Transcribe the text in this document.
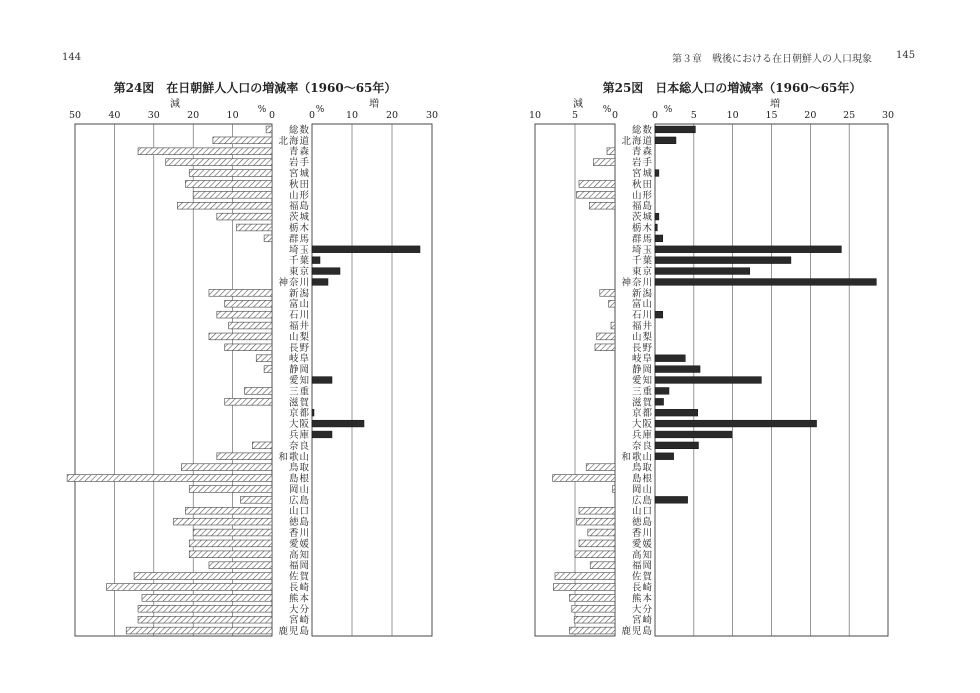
144	第３章　戦後における在日朝鮮人の人口現象 145
第24図　在日朝鮮人人口の増減率（1960〜65年）
減	増
%	%
50	40	30	20	10	0	0	10	20	30
総数
北海道
青森
岩手
宮城
秋田
山形
福島
茨城
栃木
群馬
埼玉
千葉
東京
神奈川
新潟
富山
石川
福井
山梨
長野
岐阜
静岡
愛知
三重
滋賀
京都
大阪
兵庫
奈良
和歌山
鳥取
島根
岡山
広島
山口
徳島
香川
愛媛
高知
福岡
佐賀
長崎
熊本
大分
宮崎
鹿児島
第25図　日本総人口の増減率（1960〜65年）
減	増
%	%
10	5	0	0	5	10	15	20	25	30
総数
北海道
青森
岩手
宮城
秋田
山形
福島
茨城
栃木
群馬
埼玉
千葉
東京
神奈川
新潟
富山
石川
福井
山梨
長野
岐阜
静岡
愛知
三重
滋賀
京都
大阪
兵庫
奈良
和歌山
鳥取
島根
岡山
広島
山口
徳島
香川
愛媛
高知
福岡
佐賀
長崎
熊本
大分
宮崎
鹿児島
